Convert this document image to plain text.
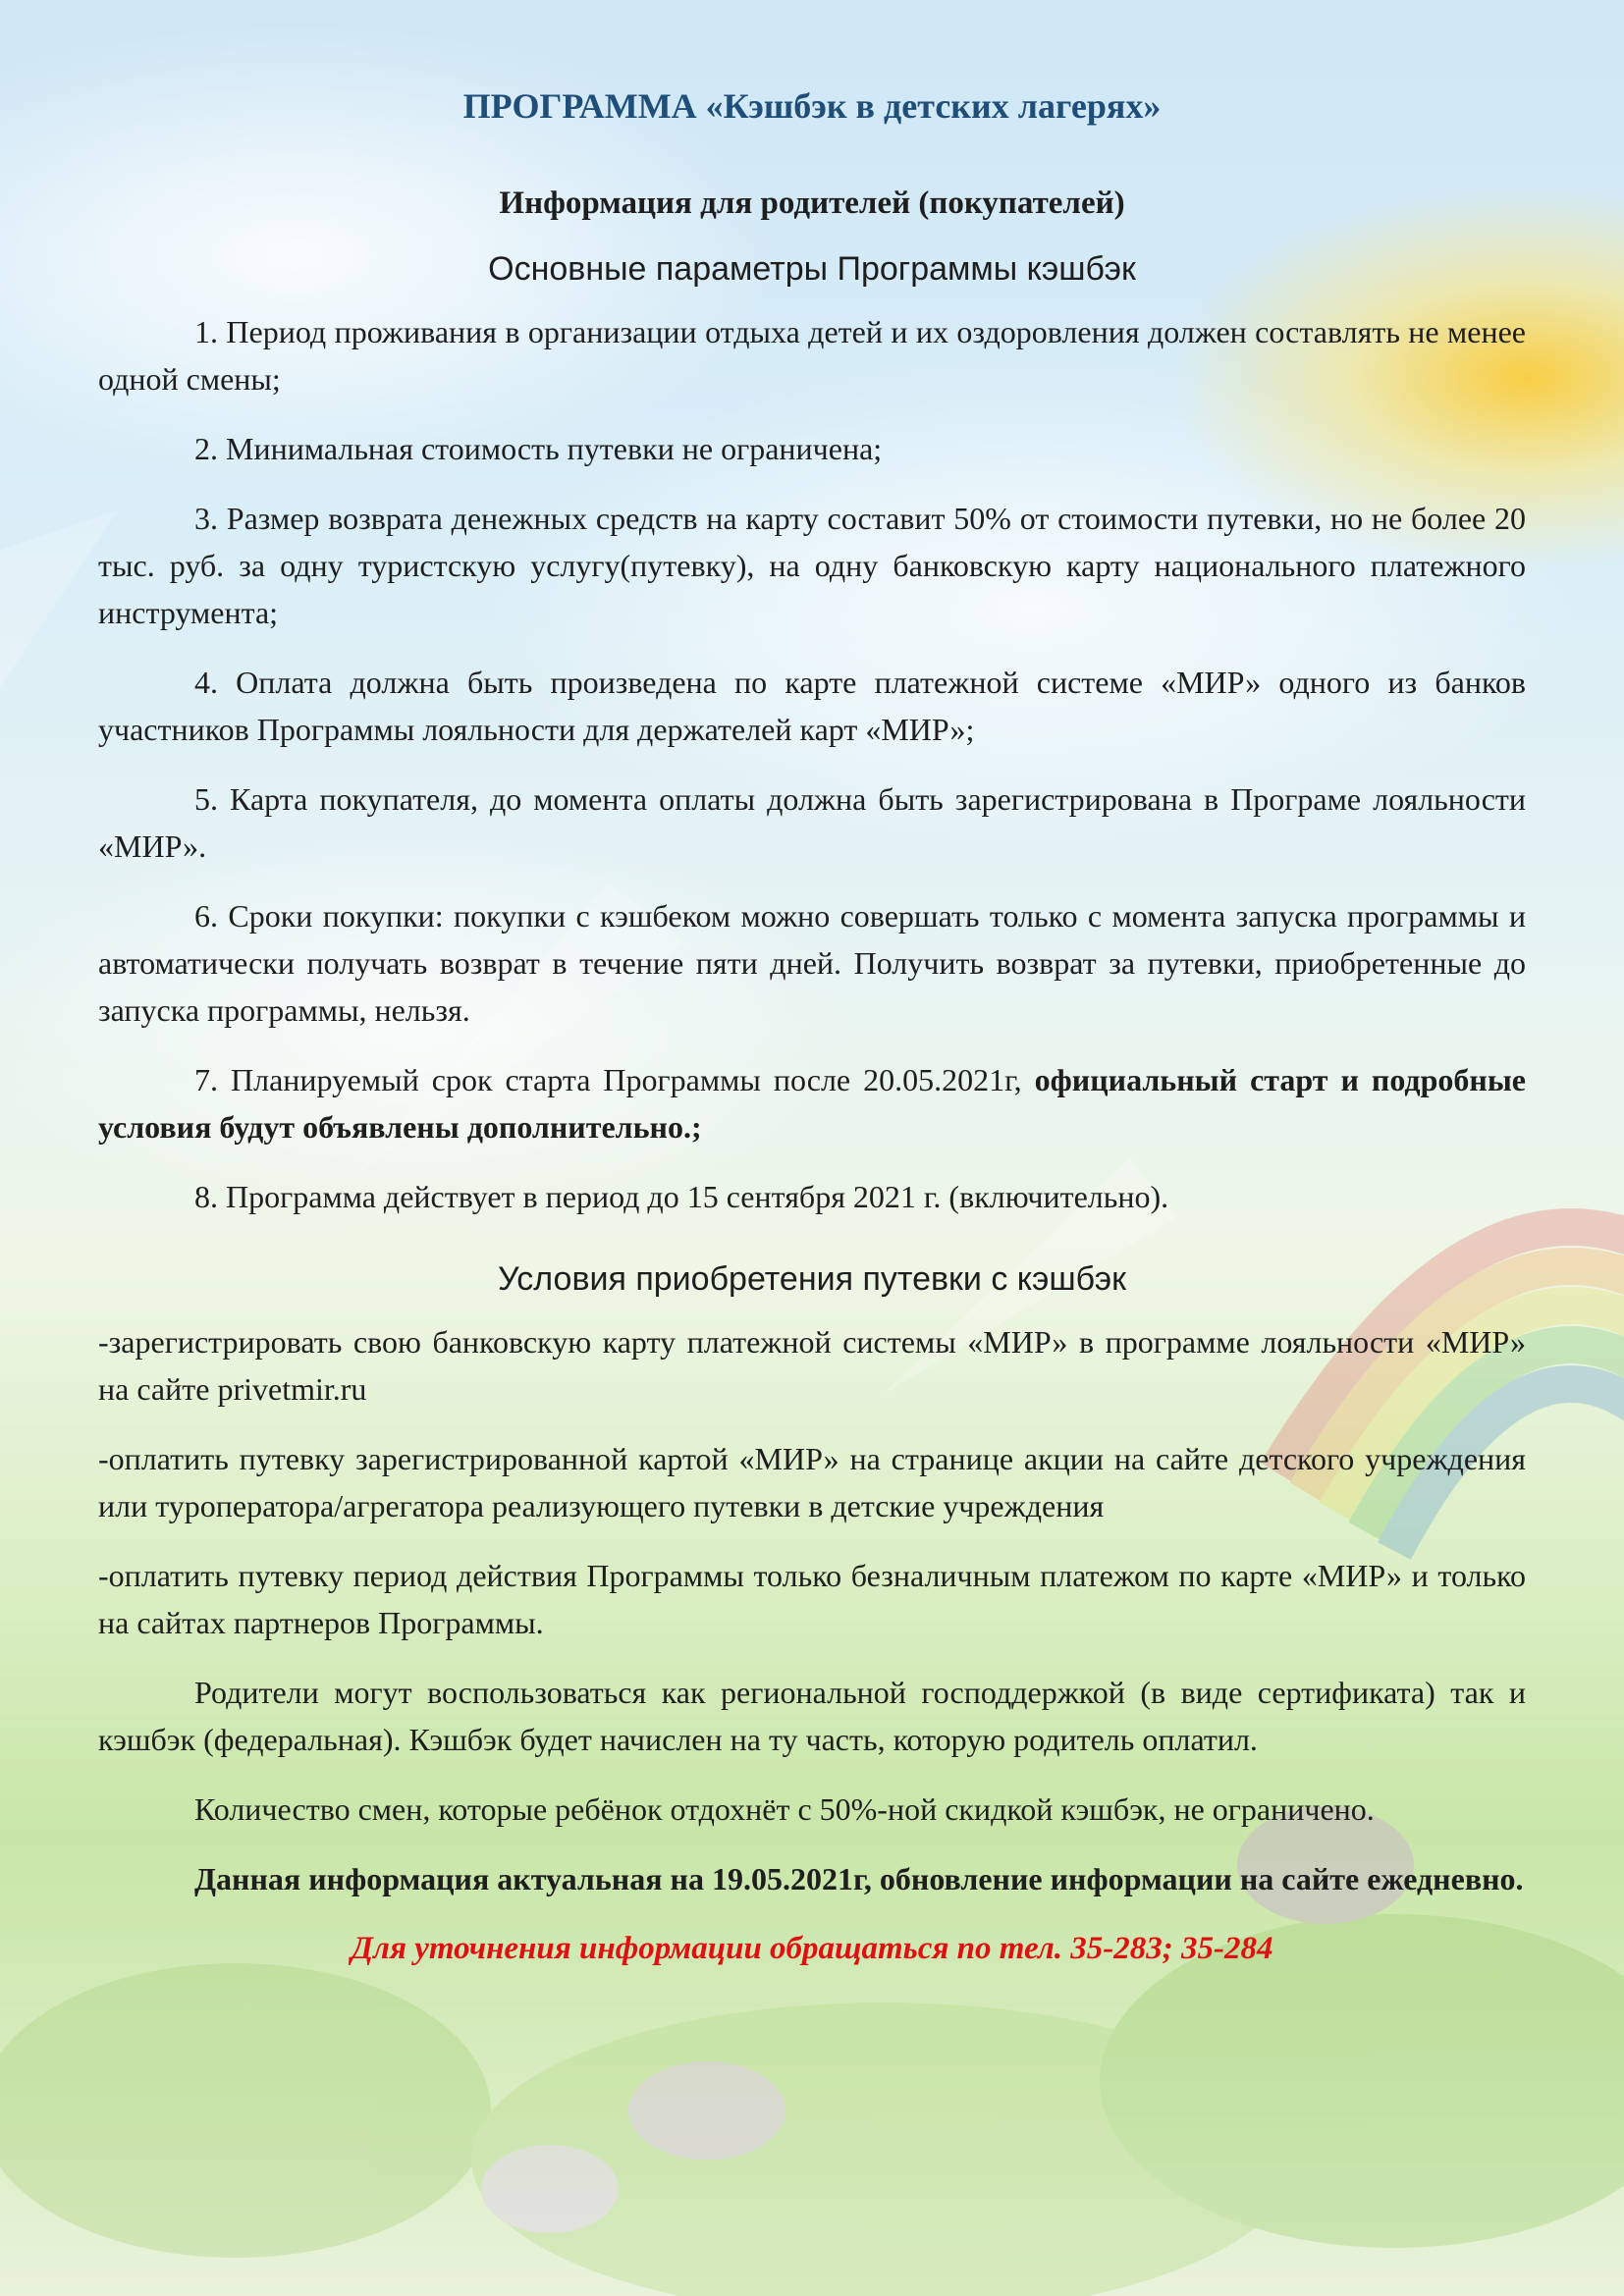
ПРОГРАММА «Кэшбэк в детских лагерях»

Информация для родителей (покупателей)

Основные параметры Программы кэшбэк

1. Период проживания в организации отдыха детей и их оздоровления должен составлять не менее одной смены;

2. Минимальная стоимость путевки не ограничена;

3. Размер возврата денежных средств на карту составит 50% от стоимости путевки, но не более 20 тыс. руб. за одну туристскую услугу(путевку), на одну банковскую карту национального платежного инструмента;

4. Оплата должна быть произведена по карте платежной системе «МИР» одного из банков участников Программы лояльности для держателей карт «МИР»;

5. Карта покупателя, до момента оплаты должна быть зарегистрирована в Програме лояльности «МИР».

6. Сроки покупки: покупки с кэшбеком можно совершать только с момента запуска программы и автоматически получать возврат в течение пяти дней. Получить возврат за путевки, приобретенные до запуска программы, нельзя.

7. Планируемый срок старта Программы после 20.05.2021г, официальный старт и подробные условия будут объявлены дополнительно.;

8. Программа действует в период до 15 сентября 2021 г. (включительно).

Условия приобретения путевки с кэшбэк

-зарегистрировать свою банковскую карту платежной системы «МИР» в программе лояльности «МИР» на сайте privetmir.ru

-оплатить путевку зарегистрированной картой «МИР» на странице акции на сайте детского учреждения или туроператора/агрегатора реализующего путевки в детские учреждения

-оплатить путевку период действия Программы только безналичным платежом по карте «МИР» и только на сайтах партнеров Программы.

Родители могут воспользоваться как региональной господдержкой (в виде сертификата) так и кэшбэк (федеральная). Кэшбэк будет начислен на ту часть, которую родитель оплатил.

Количество смен, которые ребёнок отдохнёт с 50%-ной скидкой кэшбэк, не ограничено.

Данная информация актуальная на 19.05.2021г, обновление информации на сайте ежедневно.

Для уточнения информации обращаться по тел. 35-283; 35-284
